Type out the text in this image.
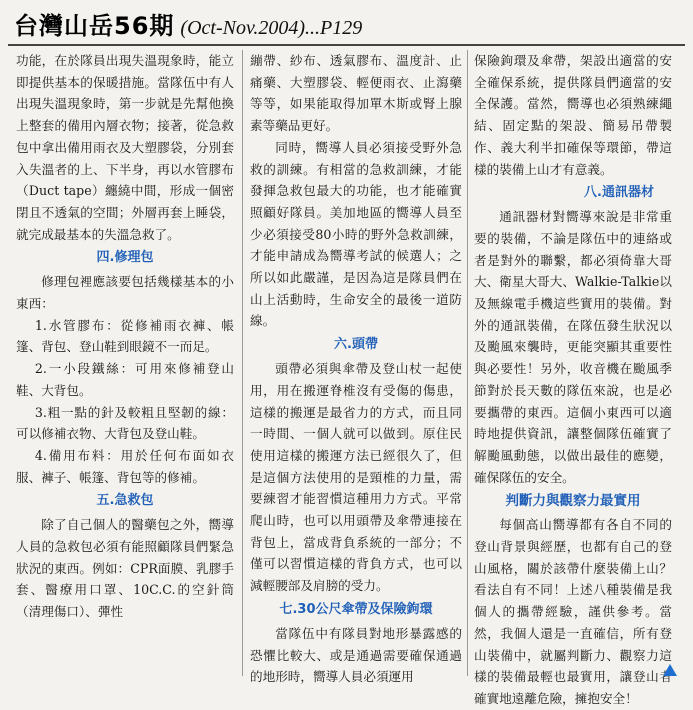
台灣山岳56期 (Oct-Nov.2004)...P129

功能，在於隊員出現失溫現象時，能立即提供基本的保暖措施。當隊伍中有人出現失溫現象時，第一步就是先幫他換上整套的備用內層衣物；接著，從急救包中拿出備用雨衣及大塑膠袋，分別套入失溫者的上、下半身，再以水管膠布（Duct tape）纏繞中間，形成一個密閉且不透氣的空間；外層再套上睡袋，就完成最基本的失溫急救了。

四.修理包

修理包裡應該要包括幾樣基本的小東西：

1.水管膠布：從修補雨衣褲、帳篷、背包、登山鞋到眼鏡不一而足。
2.一小段鐵絲：可用來修補登山鞋、大背包。
3.粗一點的針及較粗且堅韌的線：可以修補衣物、大背包及登山鞋。
4.備用布料：用於任何布面如衣服、褲子、帳篷、背包等的修補。
五.急救包

除了自己個人的醫藥包之外，嚮導人員的急救包必須有能照顧隊員們緊急狀況的東西。例如：CPR面膜、乳膠手套、醫療用口罩、10C.C.的空針筒（清理傷口）、彈性

繃帶、紗布、透氣膠布、溫度計、止痛藥、大塑膠袋、輕便雨衣、止瀉藥等等，如果能取得加單木斯或腎上腺素等藥品更好。

同時，嚮導人員必須接受野外急救的訓練。有相當的急救訓練，才能發揮急救包最大的功能，也才能確實照顧好隊員。美加地區的嚮導人員至少必須接受80小時的野外急救訓練，才能申請成為嚮導考試的候選人；之所以如此嚴謹，是因為這是隊員們在山上活動時，生命安全的最後一道防線。

六.頭帶

頭帶必須與傘帶及登山杖一起使用，用在搬運脊椎沒有受傷的傷患，這樣的搬運是最省力的方式，而且同一時間、一個人就可以做到。原住民使用這樣的搬運方法已經很久了，但是這個方法使用的是頸椎的力量，需要練習才能習慣這種用力方式。平常爬山時，也可以用頭帶及傘帶連接在背包上，當成背負系統的一部分；不僅可以習慣這樣的背負方式，也可以減輕腰部及肩膀的受力。

七.30公尺傘帶及保險鉤環

當隊伍中有隊員對地形暴露感的恐懼比較大、或是通過需要確保通過的地形時，嚮導人員必須運用

保險鉤環及傘帶，架設出適當的安全確保系統，提供隊員們適當的安全保護。當然，嚮導也必須熟練繩結、固定點的架設、簡易吊帶製作、義大利半扣確保等環節，帶這樣的裝備上山才有意義。

八.通訊器材

通訊器材對嚮導來說是非常重要的裝備，不論是隊伍中的連絡或者是對外的聯繫，都必須倚靠大哥大、衛星大哥大、Walkie-Talkie以及無線電手機這些實用的裝備。對外的通訊裝備，在隊伍發生狀況以及颱風來襲時，更能突顯其重要性與必要性！另外，收音機在颱風季節對於長天數的隊伍來說，也是必要攜帶的東西。這個小東西可以適時地提供資訊，讓整個隊伍確實了解颱風動態，以做出最佳的應變，確保隊伍的安全。

判斷力與觀察力最實用

每個高山嚮導都有各自不同的登山背景與經歷，也都有自己的登山風格，關於該帶什麼裝備上山？看法自有不同！上述八種裝備是我個人的攜帶經驗，謹供參考。當然，我個人還是一直確信，所有登山裝備中，就屬判斷力、觀察力這樣的裝備最輕也最實用，讓登山者確實地遠離危險，擁抱安全！
